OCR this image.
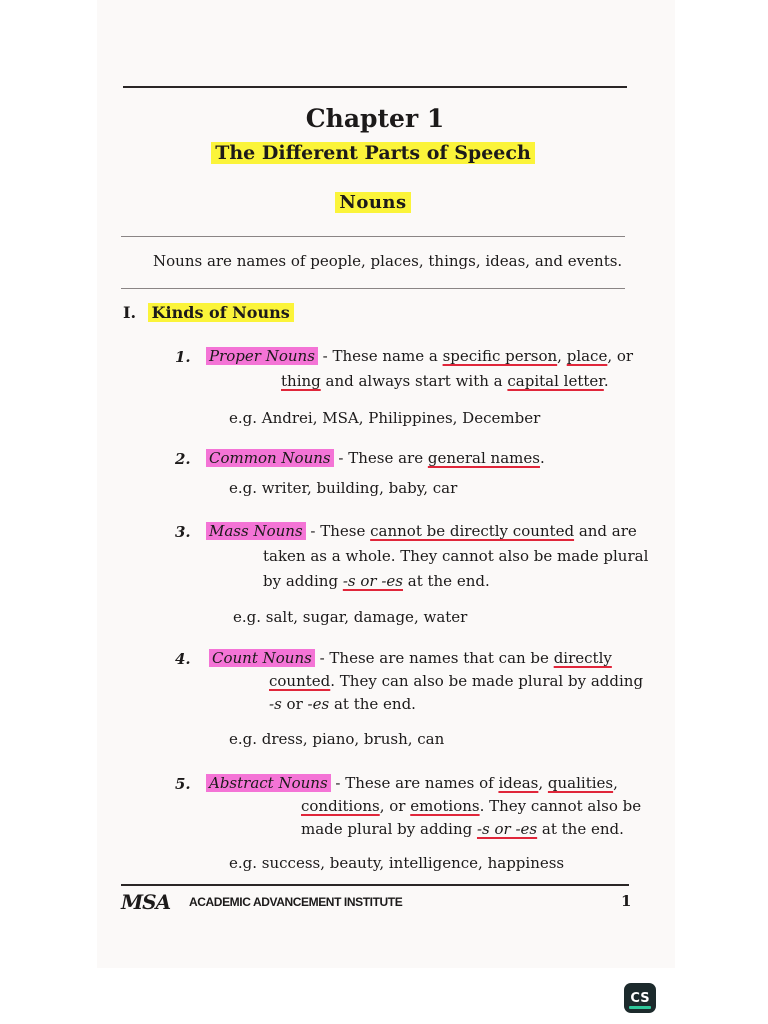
Chapter 1
The Different Parts of Speech
Nouns
Nouns are names of people, places, things, ideas, and events.
I. Kinds of Nouns
1. Proper Nouns - These name a specific person, place, or
thing and always start with a capital letter.
e.g. Andrei, MSA, Philippines, December
2. Common Nouns - These are general names.
e.g. writer, building, baby, car
3. Mass Nouns - These cannot be directly counted and are
taken as a whole. They cannot also be made plural
by adding -s or -es at the end.
e.g. salt, sugar, damage, water
4. Count Nouns - These are names that can be directly
counted. They can also be made plural by adding
-s or -es at the end.
e.g. dress, piano, brush, can
5. Abstract Nouns - These are names of ideas, qualities,
conditions, or emotions. They cannot also be
made plural by adding -s or -es at the end.
e.g. success, beauty, intelligence, happiness
MSA ACADEMIC ADVANCEMENT INSTITUTE	1
CS
